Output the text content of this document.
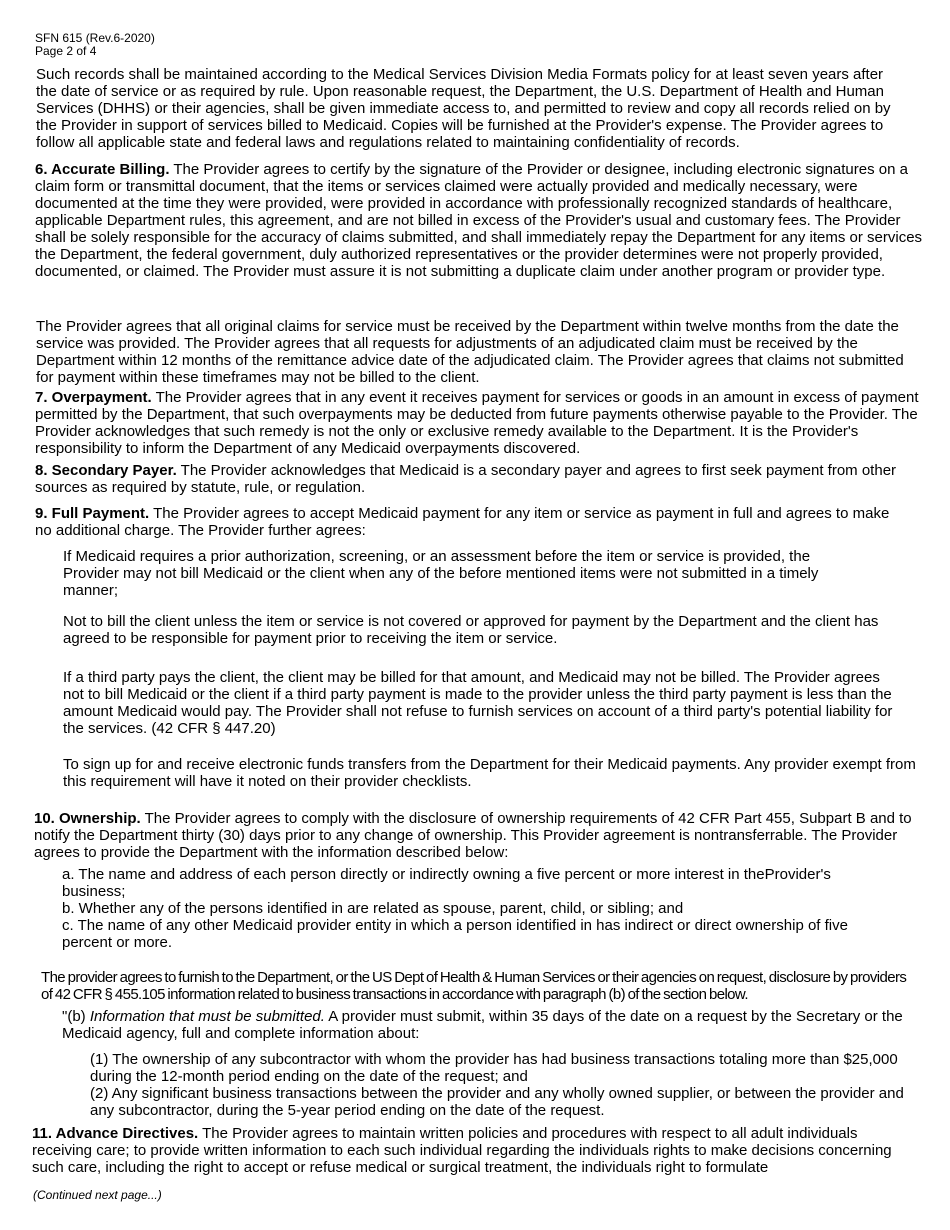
SFN 615 (Rev.6-2020)
Page 2 of 4

Such records shall be maintained according to the Medical Services Division Media Formats policy for at least seven years after the date of service or as required by rule. Upon reasonable request, the Department, the U.S. Department of Health and Human Services (DHHS) or their agencies, shall be given immediate access to, and permitted to review and copy all records relied on by the Provider in support of services billed to Medicaid. Copies will be furnished at the Provider's expense. The Provider agrees to follow all applicable state and federal laws and regulations related to maintaining confidentiality of records.

6. Accurate Billing. The Provider agrees to certify by the signature of the Provider or designee, including electronic signatures on a claim form or transmittal document, that the items or services claimed were actually provided and medically necessary, were documented at the time they were provided, were provided in accordance with professionally recognized standards of healthcare, applicable Department rules, this agreement, and are not billed in excess of the Provider's usual and customary fees. The Provider shall be solely responsible for the accuracy of claims submitted, and shall immediately repay the Department for any items or services the Department, the federal government, duly authorized representatives or the provider determines were not properly provided, documented, or claimed. The Provider must assure it is not submitting a duplicate claim under another program or provider type.

The Provider agrees that all original claims for service must be received by the Department within twelve months from the date the service was provided. The Provider agrees that all requests for adjustments of an adjudicated claim must be received by the Department within 12 months of the remittance advice date of the adjudicated claim. The Provider agrees that claims not submitted for payment within these timeframes may not be billed to the client.

7. Overpayment. The Provider agrees that in any event it receives payment for services or goods in an amount in excess of payment permitted by the Department, that such overpayments may be deducted from future payments otherwise payable to the Provider. The Provider acknowledges that such remedy is not the only or exclusive remedy available to the Department. It is the Provider's responsibility to inform the Department of any Medicaid overpayments discovered.

8. Secondary Payer. The Provider acknowledges that Medicaid is a secondary payer and agrees to first seek payment from other sources as required by statute, rule, or regulation.

9. Full Payment. The Provider agrees to accept Medicaid payment for any item or service as payment in full and agrees to make no additional charge. The Provider further agrees:

If Medicaid requires a prior authorization, screening, or an assessment before the item or service is provided, the Provider may not bill Medicaid or the client when any of the before mentioned items were not submitted in a timely manner;

Not to bill the client unless the item or service is not covered or approved for payment by the Department and the client has agreed to be responsible for payment prior to receiving the item or service.

If a third party pays the client, the client may be billed for that amount, and Medicaid may not be billed. The Provider agrees not to bill Medicaid or the client if a third party payment is made to the provider unless the third party payment is less than the amount Medicaid would pay. The Provider shall not refuse to furnish services on account of a third party's potential liability for the services. (42 CFR § 447.20)

To sign up for and receive electronic funds transfers from the Department for their Medicaid payments. Any provider exempt from this requirement will have it noted on their provider checklists.

10. Ownership. The Provider agrees to comply with the disclosure of ownership requirements of 42 CFR Part 455, Subpart B and to notify the Department thirty (30) days prior to any change of ownership. This Provider agreement is nontransferrable. The Provider agrees to provide the Department with the information described below:

a. The name and address of each person directly or indirectly owning a five percent or more interest in theProvider's business;
b. Whether any of the persons identified in are related as spouse, parent, child, or sibling; and
c. The name of any other Medicaid provider entity in which a person identified in has indirect or direct ownership of five percent or more.

The provider agrees to furnish to the Department, or the US Dept of Health & Human Services or their agencies on request, disclosure by providers of 42 CFR § 455.105 information related to business transactions in accordance with paragraph (b) of the section below.

"(b) Information that must be submitted. A provider must submit, within 35 days of the date on a request by the Secretary or the Medicaid agency, full and complete information about:

(1) The ownership of any subcontractor with whom the provider has had business transactions totaling more than $25,000 during the 12-month period ending on the date of the request; and
(2) Any significant business transactions between the provider and any wholly owned supplier, or between the provider and any subcontractor, during the 5-year period ending on the date of the request.

11. Advance Directives. The Provider agrees to maintain written policies and procedures with respect to all adult individuals receiving care; to provide written information to each such individual regarding the individuals rights to make decisions concerning such care, including the right to accept or refuse medical or surgical treatment, the individuals right to formulate

(Continued next page...)
